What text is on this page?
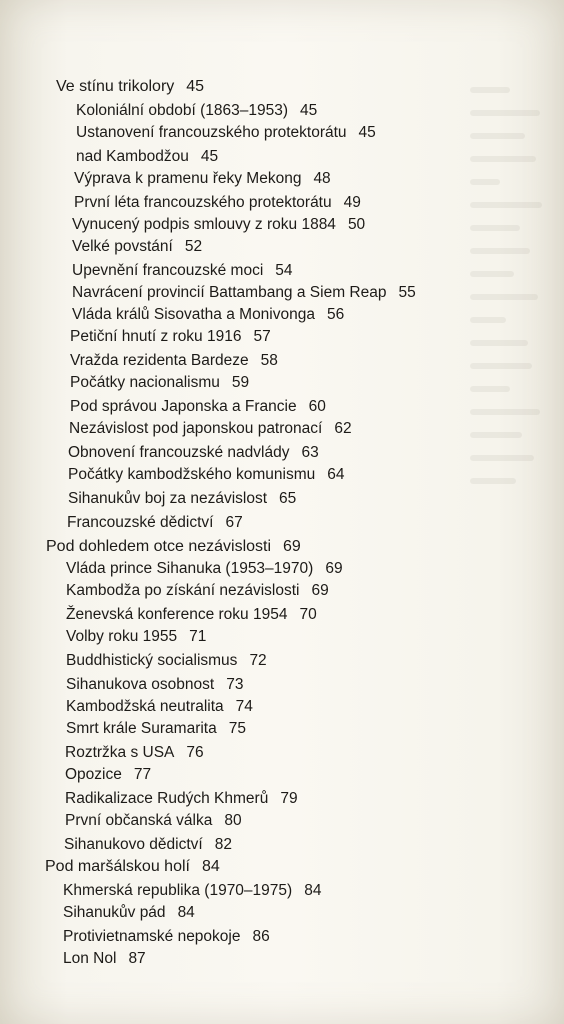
Ve stínu trikolory 45
Koloniální období (1863–1953) 45
Ustanovení francouzského protektorátu 45
nad Kambodžou 45
Výprava k pramenu řeky Mekong 48
První léta francouzského protektorátu 49
Vynucený podpis smlouvy z roku 1884 50
Velké povstání 52
Upevnění francouzské moci 54
Navrácení provincií Battambang a Siem Reap 55
Vláda králů Sisovatha a Monivonga 56
Petiční hnutí z roku 1916 57
Vražda rezidenta Bardeze 58
Počátky nacionalismu 59
Pod správou Japonska a Francie 60
Nezávislost pod japonskou patronací 62
Obnovení francouzské nadvlády 63
Počátky kambodžského komunismu 64
Sihanukův boj za nezávislost 65
Francouzské dědictví 67
Pod dohledem otce nezávislosti 69
Vláda prince Sihanuka (1953–1970) 69
Kambodža po získání nezávislosti 69
Ženevská konference roku 1954 70
Volby roku 1955 71
Buddhistický socialismus 72
Sihanukova osobnost 73
Kambodžská neutralita 74
Smrt krále Suramarita 75
Roztržka s USA 76
Opozice 77
Radikalizace Rudých Khmerů 79
První občanská válka 80
Sihanukovo dědictví 82
Pod maršálskou holí 84
Khmerská republika (1970–1975) 84
Sihanukův pád 84
Protivietnamské nepokoje 86
Lon Nol 87
